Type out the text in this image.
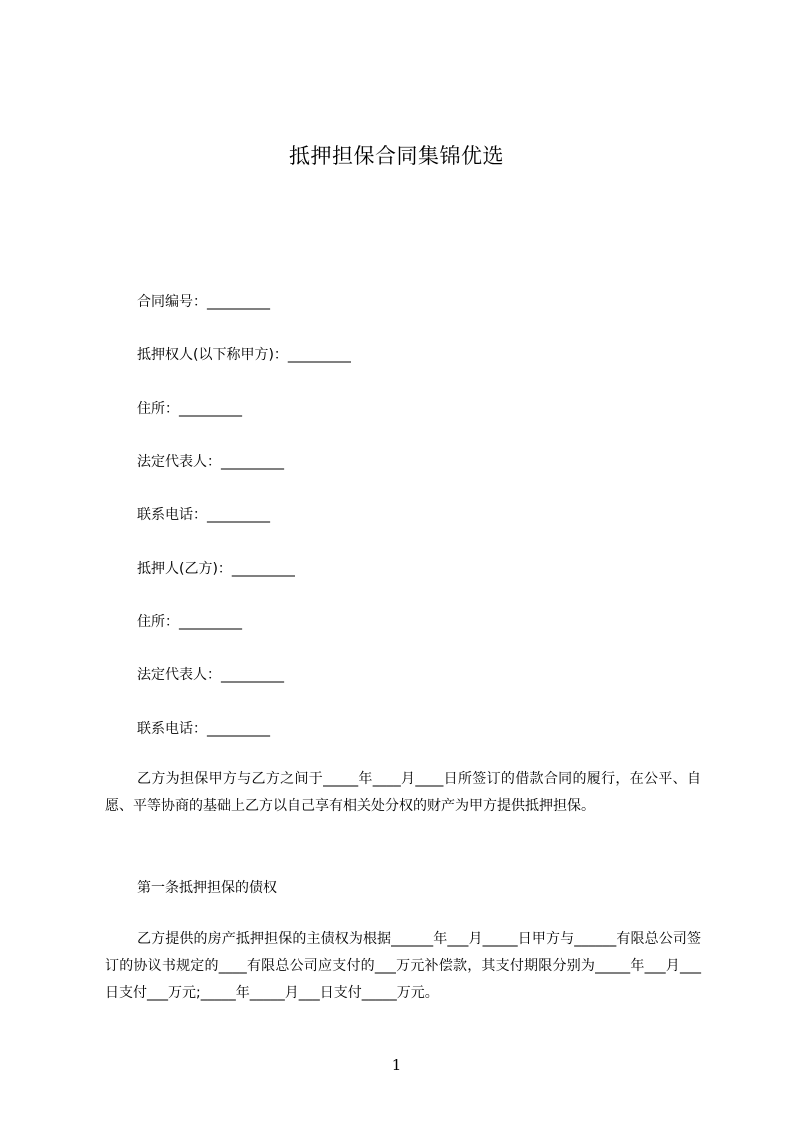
抵押担保合同集锦优选
合同编号：_________
抵押权人(以下称甲方)：_________
住所：_________
法定代表人：_________
联系电话：_________
抵押人(乙方)：_________
住所：_________
法定代表人：_________
联系电话：_________

乙方为担保甲方与乙方之间于_____年____月____日所签订的借款合同的履行，在公平、自愿、平等协商的基础上乙方以自己享有相关处分权的财产为甲方提供抵押担保。

第一条抵押担保的债权

乙方提供的房产抵押担保的主债权为根据______年___月_____日甲方与______有限总公司签订的协议书规定的____有限总公司应支付的___万元补偿款，其支付期限分别为_____年___月___日支付___万元;_____年_____月___日支付_____万元。

1
